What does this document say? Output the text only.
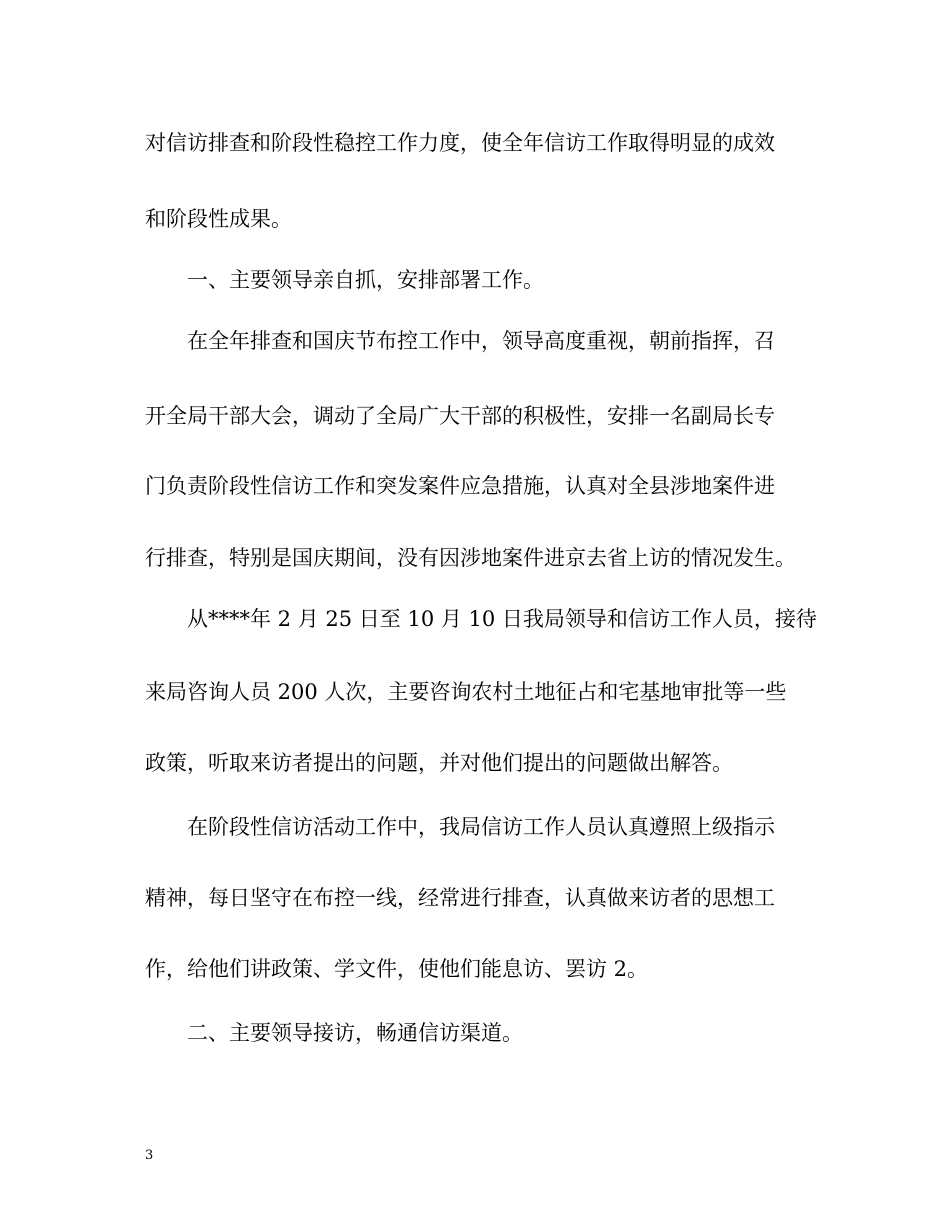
对信访排查和阶段性稳控工作力度，使全年信访工作取得明显的成效
和阶段性成果。
一、主要领导亲自抓，安排部署工作。
在全年排查和国庆节布控工作中，领导高度重视，朝前指挥，召
开全局干部大会，调动了全局广大干部的积极性，安排一名副局长专
门负责阶段性信访工作和突发案件应急措施，认真对全县涉地案件进
行排查，特别是国庆期间，没有因涉地案件进京去省上访的情况发生。
从****年 2 月 25 日至 10 月 10 日我局领导和信访工作人员，接待
来局咨询人员 200 人次，主要咨询农村土地征占和宅基地审批等一些
政策，听取来访者提出的问题，并对他们提出的问题做出解答。
在阶段性信访活动工作中，我局信访工作人员认真遵照上级指示
精神，每日坚守在布控一线，经常进行排查，认真做来访者的思想工
作，给他们讲政策、学文件，使他们能息访、罢访 2。
二、主要领导接访，畅通信访渠道。
3
